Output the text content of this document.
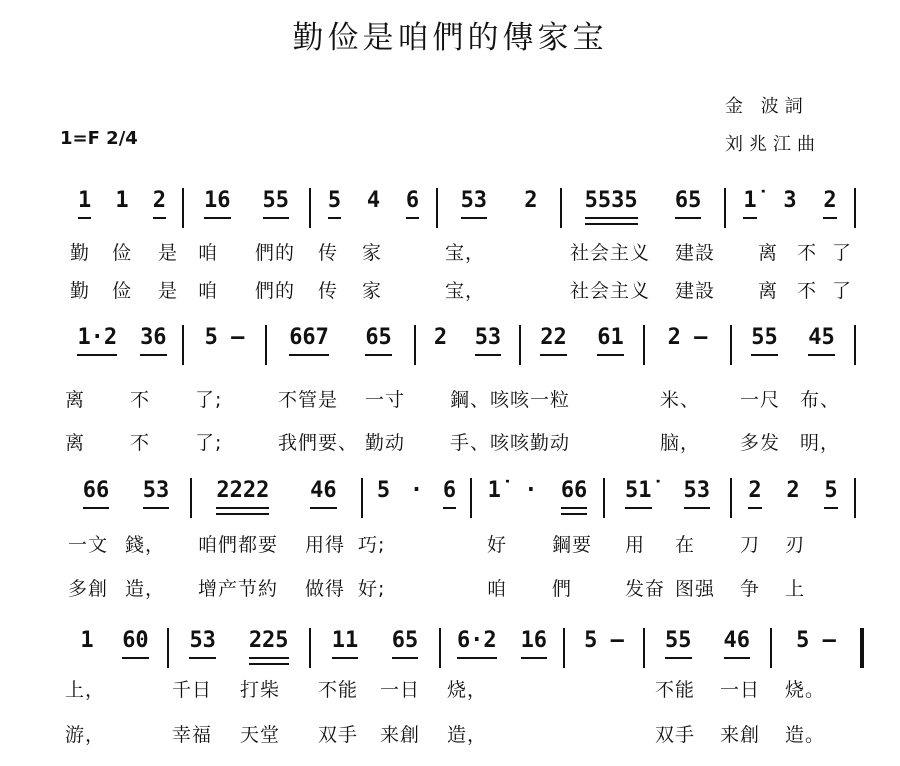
勤俭是咱們的傳家宝
1=F 2/4
金 波詞
刘兆江曲
1 1 2 16 55 5 4 6 53 2 5535 65 1̇ 3 2
勤 俭 是 咱 們的 传 家	宝，	社会主义 建設 离 不 了
勤 俭 是 咱 們的 传 家	宝，	社会主义 建設 离 不 了
1·2 36 5 — 667 65 2 53 22 61 2 — 55 45
离 不 了;	不管是 一寸 鋼、咳咳 一粒	米、 一尺 布、
离 不 了;	我們要、 勤动 手、咳咳 勤动	脑， 多发 明，
66 53 2222 46 5 · 6 1̇ · 66 51̇ 53 2 2 5
一文 錢， 咱們都要 用得 巧;	好 鋼要 用 在 刀 刃
多創 造， 增产节約 做得 好;	咱 們	发奋 图强 争 上
1 60 53 225 11 65 6·2 16 5 — 55 46 5 —
上，	千日 打柴 不能 一日 烧，	不能 一日 烧。
游，	幸福 天堂 双手 来創 造，	双手 来創 造。
